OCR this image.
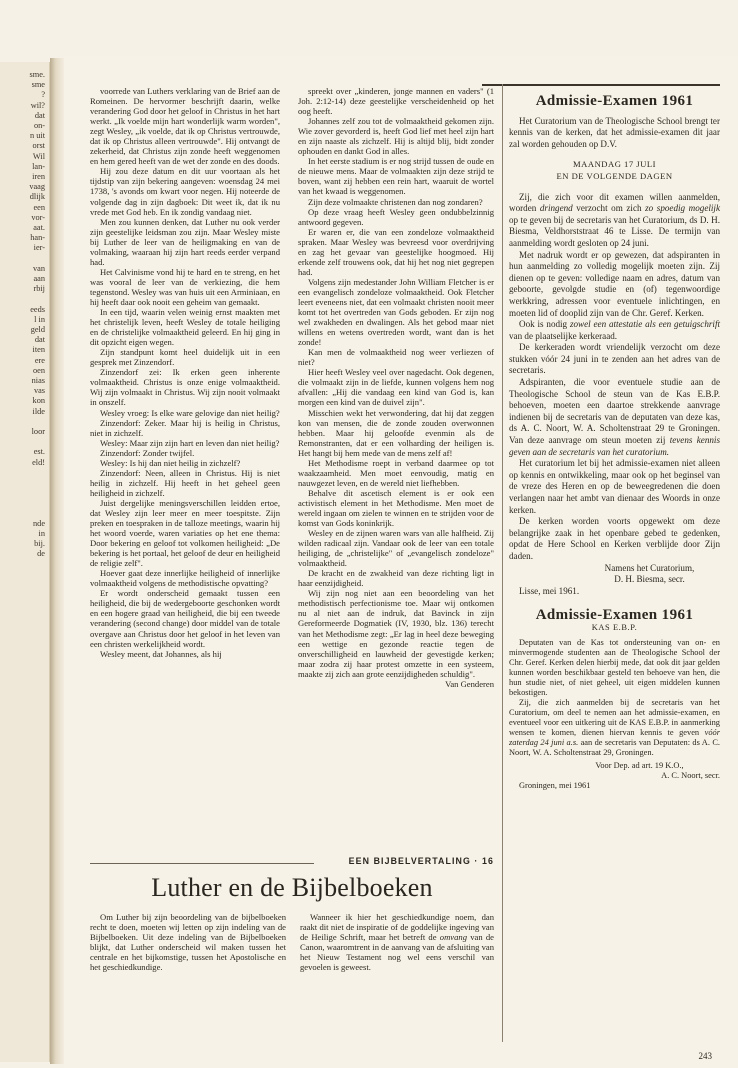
sme.
sme
?
wil?
dat
on-
n uit
orst
Wil
lan-
iren
vaag
dlijk
een
vor-
aat.
han-
ier-
van
aan
rbij
eeds
l in
geld
dat
iten
ere
oen
nias
vas
kon
ilde
loor
est.
eld!
nde
in
bij.
de

voorrede van Luthers verklaring van de Brief aan de Romeinen. De hervormer beschrijft daarin, welke verandering God door het geloof in Christus in het hart werkt. „Ik voelde mijn hart wonderlijk warm worden", zegt Wesley, „ik voelde, dat ik op Christus vertrouwde, dat ik op Christus alleen vertrouwde". Hij ontvangt de zekerheid, dat Christus zijn zonde heeft weggenomen en hem gered heeft van de wet der zonde en des doods.

Hij zou deze datum en dit uur voortaan als het tijdstip van zijn bekering aangeven: woensdag 24 mei 1738, 's avonds om kwart voor negen. Hij noteerde de volgende dag in zijn dagboek: Dit weet ik, dat ik nu vrede met God heb. En ik zondig vandaag niet.

Men zou kunnen denken, dat Luther nu ook verder zijn geestelijke leidsman zou zijn. Maar Wesley miste bij Luther de leer van de heiligmaking en van de volmaking, waaraan hij zijn hart reeds eerder verpand had.

Het Calvinisme vond hij te hard en te streng, en het was vooral de leer van de verkiezing, die hem tegenstond. Wesley was van huis uit een Arminiaan, en hij heeft daar ook nooit een geheim van gemaakt.

In een tijd, waarin velen weinig ernst maakten met het christelijk leven, heeft Wesley de totale heiliging en de christelijke volmaaktheid geleerd. En hij ging in dit opzicht eigen wegen.

Zijn standpunt komt heel duidelijk uit in een gesprek met Zinzendorf.

Zinzendorf zei: Ik erken geen inherente volmaaktheid. Christus is onze enige volmaaktheid. Wij zijn volmaakt in Christus. Wij zijn nooit volmaakt in onszelf.

Wesley vroeg: Is elke ware gelovige dan niet heilig?

Zinzendorf: Zeker. Maar hij is heilig in Christus, niet in zichzelf.

Wesley: Maar zijn zijn hart en leven dan niet heilig?

Zinzendorf: Zonder twijfel.

Wesley: Is hij dan niet heilig in zichzelf?

Zinzendorf: Neen, alleen in Christus. Hij is niet heilig in zichzelf. Hij heeft in het geheel geen heiligheid in zichzelf.

Juist dergelijke meningsverschillen leidden ertoe, dat Wesley zijn leer meer en meer toespitste. Zijn preken en toespraken in de talloze meetings, waarin hij het woord voerde, waren variaties op het ene thema: Door bekering en geloof tot volkomen heiligheid: „De bekering is het portaal, het geloof de deur en heiligheid de religie zelf".

Hoever gaat deze innerlijke heiligheid of innerlijke volmaaktheid volgens de methodistische opvatting?

Er wordt onderscheid gemaakt tussen een heiligheid, die bij de wedergeboorte geschonken wordt en een hogere graad van heiligheid, die bij een tweede verandering (second change) door middel van de totale overgave aan Christus door het geloof in het leven van een christen werkelijkheid wordt.

Wesley meent, dat Johannes, als hij

spreekt over „kinderen, jonge mannen en vaders" (1 Joh. 2:12-14) deze geestelijke verscheidenheid op het oog heeft.

Johannes zelf zou tot de volmaaktheid gekomen zijn. Wie zover gevorderd is, heeft God lief met heel zijn hart en zijn naaste als zichzelf. Hij is altijd blij, bidt zonder ophouden en dankt God in alles.

In het eerste stadium is er nog strijd tussen de oude en de nieuwe mens. Maar de volmaakten zijn deze strijd te boven, want zij hebben een rein hart, waaruit de wortel van het kwaad is weggenomen.

Zijn deze volmaakte christenen dan nog zondaren?

Op deze vraag heeft Wesley geen ondubbelzinnig antwoord gegeven.

Er waren er, die van een zondeloze volmaaktheid spraken. Maar Wesley was bevreesd voor overdrijving en zag het gevaar van geestelijke hoogmoed. Hij erkende zelf trouwens ook, dat hij het nog niet gegrepen had.

Volgens zijn medestander John William Fletcher is er een evangelisch zondeloze volmaaktheid. Ook Fletcher leert eveneens niet, dat een volmaakt christen nooit meer komt tot het overtreden van Gods geboden. Er zijn nog wel zwakheden en dwalingen. Als het gebod maar niet willens en wetens overtreden wordt, want dan is het zonde!

Kan men de volmaaktheid nog weer verliezen of niet?

Hier heeft Wesley veel over nagedacht. Ook degenen, die volmaakt zijn in de liefde, kunnen volgens hem nog afvallen: „Hij die vandaag een kind van God is, kan morgen een kind van de duivel zijn".

Misschien wekt het verwondering, dat hij dat zeggen kon van mensen, die de zonde zouden overwonnen hebben. Maar hij geloofde evenmin als de Remonstranten, dat er een volharding der heiligen is. Het hangt bij hem mede van de mens zelf af!

Het Methodisme roept in verband daarmee op tot waakzaamheid. Men moet eenvoudig, matig en nauwgezet leven, en de wereld niet liefhebben.

Behalve dit ascetisch element is er ook een activistisch element in het Methodisme. Men moet de wereld ingaan om zielen te winnen en te strijden voor de komst van Gods koninkrijk.

Wesley en de zijnen waren wars van alle halfheid. Zij wilden radicaal zijn. Vandaar ook de leer van een totale heiliging, de „christelijke" of „evangelisch zondeloze" volmaaktheid.

De kracht en de zwakheid van deze richting ligt in haar eenzijdigheid.

Wij zijn nog niet aan een beoordeling van het methodistisch perfectionisme toe. Maar wij ontkomen nu al niet aan de indruk, dat Bavinck in zijn Gereformeerde Dogmatiek (IV, 1930, blz. 136) terecht van het Methodisme zegt: „Er lag in heel deze beweging een wettige en gezonde reactie tegen de onverschilligheid en lauwheid der gevestigde kerken; maar zodra zij haar protest omzette in een systeem, maakte zij zich aan grote eenzijdigheden schuldig".

Van Genderen

Admissie-Examen 1961

Het Curatorium van de Theologische School brengt ter kennis van de kerken, dat het admissie-examen dit jaar zal worden gehouden op D.V.

MAANDAG 17 JULI
EN DE VOLGENDE DAGEN

Zij, die zich voor dit examen willen aanmelden, worden dringend verzocht om zich zo spoedig mogelijk op te geven bij de secretaris van het Curatorium, ds D. H. Biesma, Veldhorststraat 46 te Lisse. De termijn van aanmelding wordt gesloten op 24 juni.

Met nadruk wordt er op gewezen, dat adspiranten in hun aanmelding zo volledig mogelijk moeten zijn. Zij dienen op te geven: volledige naam en adres, datum van geboorte, gevolgde studie en (of) tegenwoordige werkkring, adressen voor eventuele inlichtingen, en moeten lid of dooplid zijn van de Chr. Geref. Kerken.

Ook is nodig zowel een attestatie als een getuigschrift van de plaatselijke kerkeraad.

De kerkeraden wordt vriendelijk verzocht om deze stukken vóór 24 juni in te zenden aan het adres van de secretaris.

Adspiranten, die voor eventuele studie aan de Theologische School de steun van de Kas E.B.P. behoeven, moeten een daartoe strekkende aanvrage indienen bij de secretaris van de deputaten van deze kas, ds A. C. Noort, W. A. Scholtenstraat 29 te Groningen. Van deze aanvrage om steun moeten zij tevens kennis geven aan de secretaris van het curatorium.

Het curatorium let bij het admissie-examen niet alleen op kennis en ontwikkeling, maar ook op het beginsel van de vreze des Heren en op de beweegredenen die doen verlangen naar het ambt van dienaar des Woords in onze kerken.

De kerken worden voorts opgewekt om deze belangrijke zaak in het openbare gebed te gedenken, opdat de Here School en Kerken verblijde door Zijn daden.

Namens het Curatorium,

D. H. Biesma, secr.

Lisse, mei 1961.

Admissie-Examen 1961
KAS E.B.P.

Deputaten van de Kas tot ondersteuning van on- en minvermogende studenten aan de Theologische School der Chr. Geref. Kerken delen hierbij mede, dat ook dit jaar gelden kunnen worden beschikbaar gesteld ten behoeve van hen, die hun studie niet, of niet geheel, uit eigen middelen kunnen bekostigen.

Zij, die zich aanmelden bij de secretaris van het Curatorium, om deel te nemen aan het admissie-examen, en eventueel voor een uitkering uit de KAS E.B.P. in aanmerking wensen te komen, dienen hiervan kennis te geven vóór zaterdag 24 juni a.s. aan de secretaris van Deputaten: ds A. C. Noort, W. A. Scholtenstraat 29, Groningen.

Voor Dep. ad art. 19 K.O.,

A. C. Noort, secr.

Groningen, mei 1961

EEN BIJBELVERTALING · 16
Luther en de Bijbelboeken

Om Luther bij zijn beoordeling van de bijbelboeken recht te doen, moeten wij letten op zijn indeling van de Bijbelboeken. Uit deze indeling van de Bijbelboeken blijkt, dat Luther onderscheid wil maken tussen het centrale en het bijkomstige, tussen het Apostolische en het geschiedkundige.

Wanneer ik hier het geschiedkundige noem, dan raakt dit niet de inspiratie of de goddelijke ingeving van de Heilige Schrift, maar het betreft de omvang van de Canon, waaromtrent in de aanvang van de afsluiting van het Nieuw Testament nog wel eens verschil van gevoelen is geweest.

243
